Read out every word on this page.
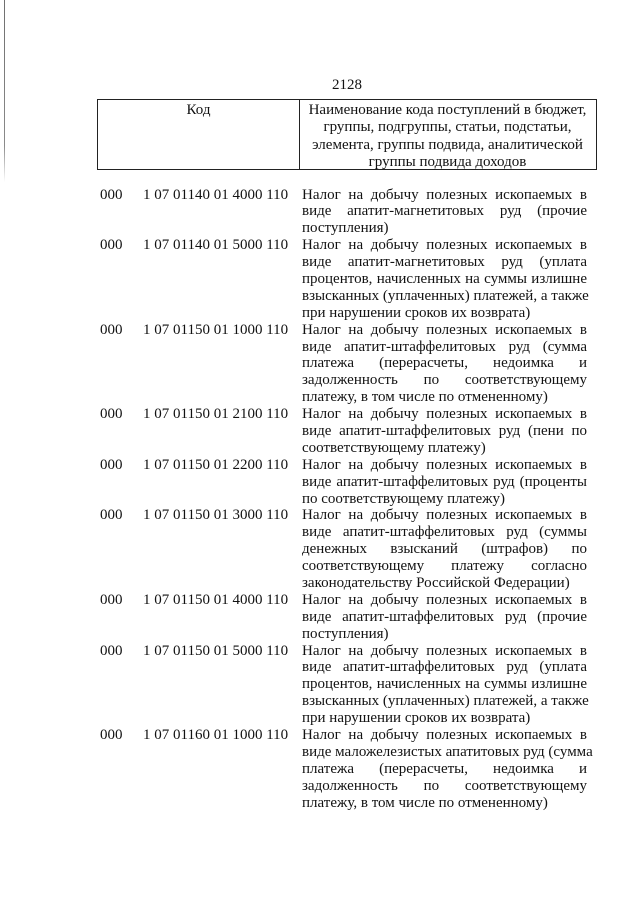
2128
Код	Наименование кода поступлений в бюджет,
группы, подгруппы, статьи, подстатьи,
элемента, группы подвида, аналитической
группы подвида доходов
000 1 07 01140 01 4000 110 Налог на добычу полезных ископаемых в
виде апатит-магнетитовых руд (прочие
поступления)
000 1 07 01140 01 5000 110 Налог на добычу полезных ископаемых в
виде апатит-магнетитовых руд (уплата
процентов, начисленных на суммы излишне
взысканных (уплаченных) платежей, а также
при нарушении сроков их возврата)
000 1 07 01150 01 1000 110 Налог на добычу полезных ископаемых в
виде апатит-штаффелитовых руд (сумма
платежа (перерасчеты, недоимка и
задолженность по соответствующему
платежу, в том числе по отмененному)
000 1 07 01150 01 2100 110 Налог на добычу полезных ископаемых в
виде апатит-штаффелитовых руд (пени по
соответствующему платежу)
000 1 07 01150 01 2200 110 Налог на добычу полезных ископаемых в
виде апатит-штаффелитовых руд (проценты
по соответствующему платежу)
000 1 07 01150 01 3000 110 Налог на добычу полезных ископаемых в
виде апатит-штаффелитовых руд (суммы
денежных взысканий (штрафов) по
соответствующему платежу согласно
законодательству Российской Федерации)
000 1 07 01150 01 4000 110 Налог на добычу полезных ископаемых в
виде апатит-штаффелитовых руд (прочие
поступления)
000 1 07 01150 01 5000 110 Налог на добычу полезных ископаемых в
виде апатит-штаффелитовых руд (уплата
процентов, начисленных на суммы излишне
взысканных (уплаченных) платежей, а также
при нарушении сроков их возврата)
000 1 07 01160 01 1000 110 Налог на добычу полезных ископаемых в
виде маложелезистых апатитовых руд (сумма
платежа (перерасчеты, недоимка и
задолженность по соответствующему
платежу, в том числе по отмененному)
